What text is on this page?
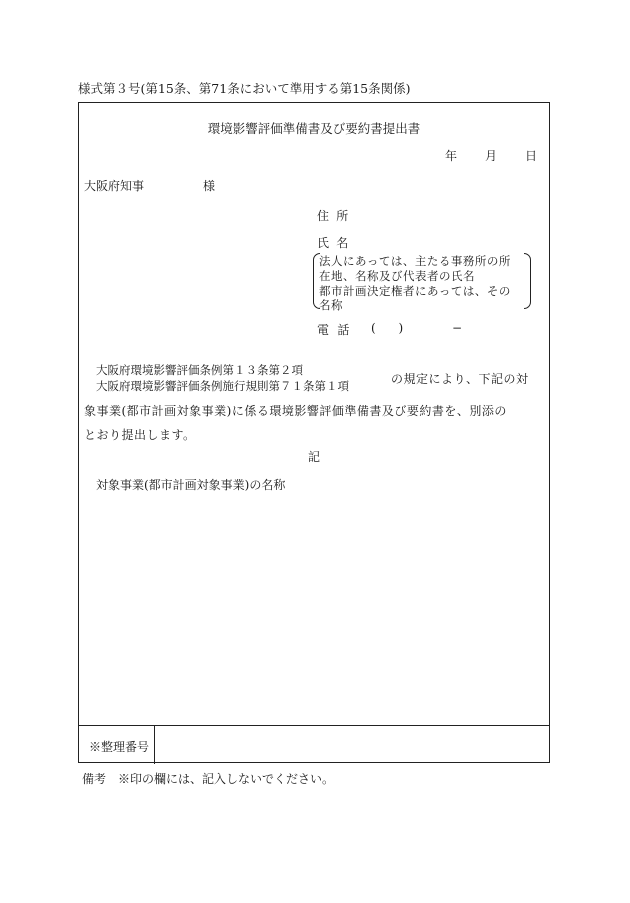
様式第３号(第15条、第71条において準用する第15条関係)
環境影響評価準備書及び要約書提出書
年 月 日
大阪府知事	様
住所
氏名
法人にあっては、主たる事務所の所
在地、名称及び代表者の氏名
都市計画決定権者にあっては、その
名称
電話 () −
大阪府環境影響評価条例第１３条第２項
大阪府環境影響評価条例施行規則第７１条第１項	の規定により、下記の対
象事業(都市計画対象事業)に係る環境影響評価準備書及び要約書を、別添の
とおり提出します。
記
対象事業(都市計画対象事業)の名称
※整理番号
備考　※印の欄には、記入しないでください。
